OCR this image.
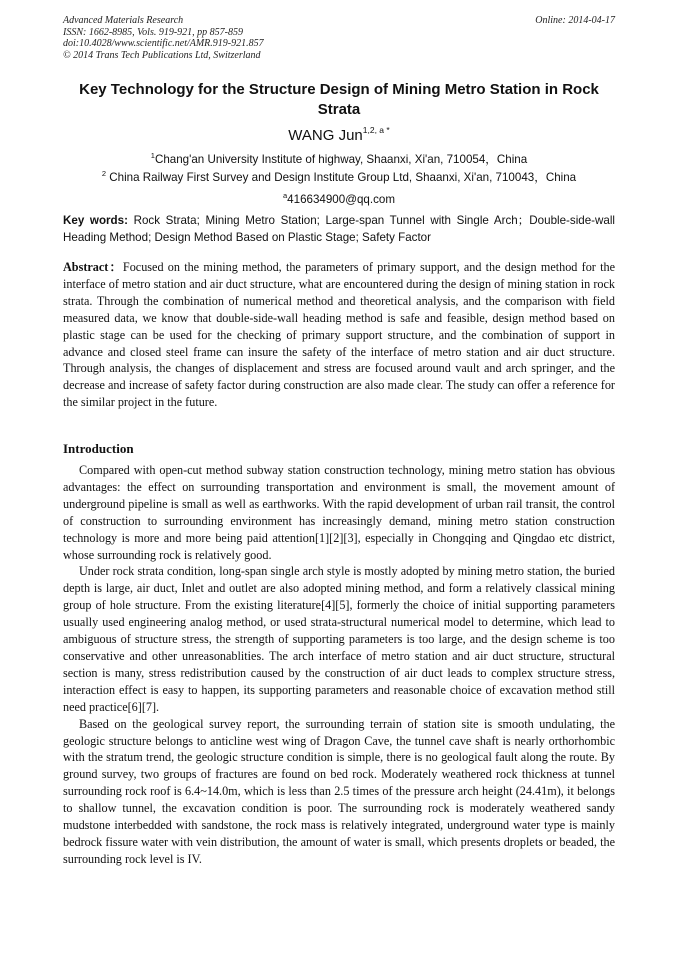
Advanced Materials Research
ISSN: 1662-8985, Vols. 919-921, pp 857-859
doi:10.4028/www.scientific.net/AMR.919-921.857
© 2014 Trans Tech Publications Ltd, Switzerland
Online: 2014-04-17
Key Technology for the Structure Design of Mining Metro Station in Rock Strata
WANG Jun$^{1,2, a *}$
$^1$Chang'an University Institute of highway, Shaanxi, Xi'an, 710054，China
$^2$ China Railway First Survey and Design Institute Group Ltd, Shaanxi, Xi'an, 710043，China
$^a$416634900@qq.com
Key words: Rock Strata; Mining Metro Station; Large-span Tunnel with Single Arch；Double-side-wall Heading Method; Design Method Based on Plastic Stage; Safety Factor
Abstract：Focused on the mining method, the parameters of primary support, and the design method for the interface of metro station and air duct structure, what are encountered during the design of mining station in rock strata. Through the combination of numerical method and theoretical analysis, and the comparison with field measured data, we know that double-side-wall heading method is safe and feasible, design method based on plastic stage can be used for the checking of primary support structure, and the combination of support in advance and closed steel frame can insure the safety of the interface of metro station and air duct structure. Through analysis, the changes of displacement and stress are focused around vault and arch springer, and the decrease and increase of safety factor during construction are also made clear. The study can offer a reference for the similar project in the future.
Introduction

Compared with open-cut method subway station construction technology, mining metro station has obvious advantages: the effect on surrounding transportation and environment is small, the movement amount of underground pipeline is small as well as earthworks. With the rapid development of urban rail transit, the control of construction to surrounding environment has increasingly demand, mining metro station construction technology is more and more being paid attention[1][2][3], especially in Chongqing and Qingdao etc district, whose surrounding rock is relatively good.

Under rock strata condition, long-span single arch style is mostly adopted by mining metro station, the buried depth is large, air duct, Inlet and outlet are also adopted mining method, and form a relatively classical mining group of hole structure. From the existing literature[4][5], formerly the choice of initial supporting parameters usually used engineering analog method, or used strata-structural numerical model to determine, which lead to ambiguous of structure stress, the strength of supporting parameters is too large, and the design scheme is too conservative and other unreasonablities. The arch interface of metro station and air duct structure, structural section is many, stress redistribution caused by the construction of air duct leads to complex structure stress, interaction effect is easy to happen, its supporting parameters and reasonable choice of excavation method still need practice[6][7].

Based on the geological survey report, the surrounding terrain of station site is smooth undulating, the geologic structure belongs to anticline west wing of Dragon Cave, the tunnel cave shaft is nearly orthorhombic with the stratum trend, the geologic structure condition is simple, there is no geological fault along the route. By ground survey, two groups of fractures are found on bed rock. Moderately weathered rock thickness at tunnel surrounding rock roof is 6.4~14.0m, which is less than 2.5 times of the pressure arch height (24.41m), it belongs to shallow tunnel, the excavation condition is poor. The surrounding rock is moderately weathered sandy mudstone interbedded with sandstone, the rock mass is relatively integrated, underground water type is mainly bedrock fissure water with vein distribution, the amount of water is small, which presents droplets or beaded, the surrounding rock level is IV.
